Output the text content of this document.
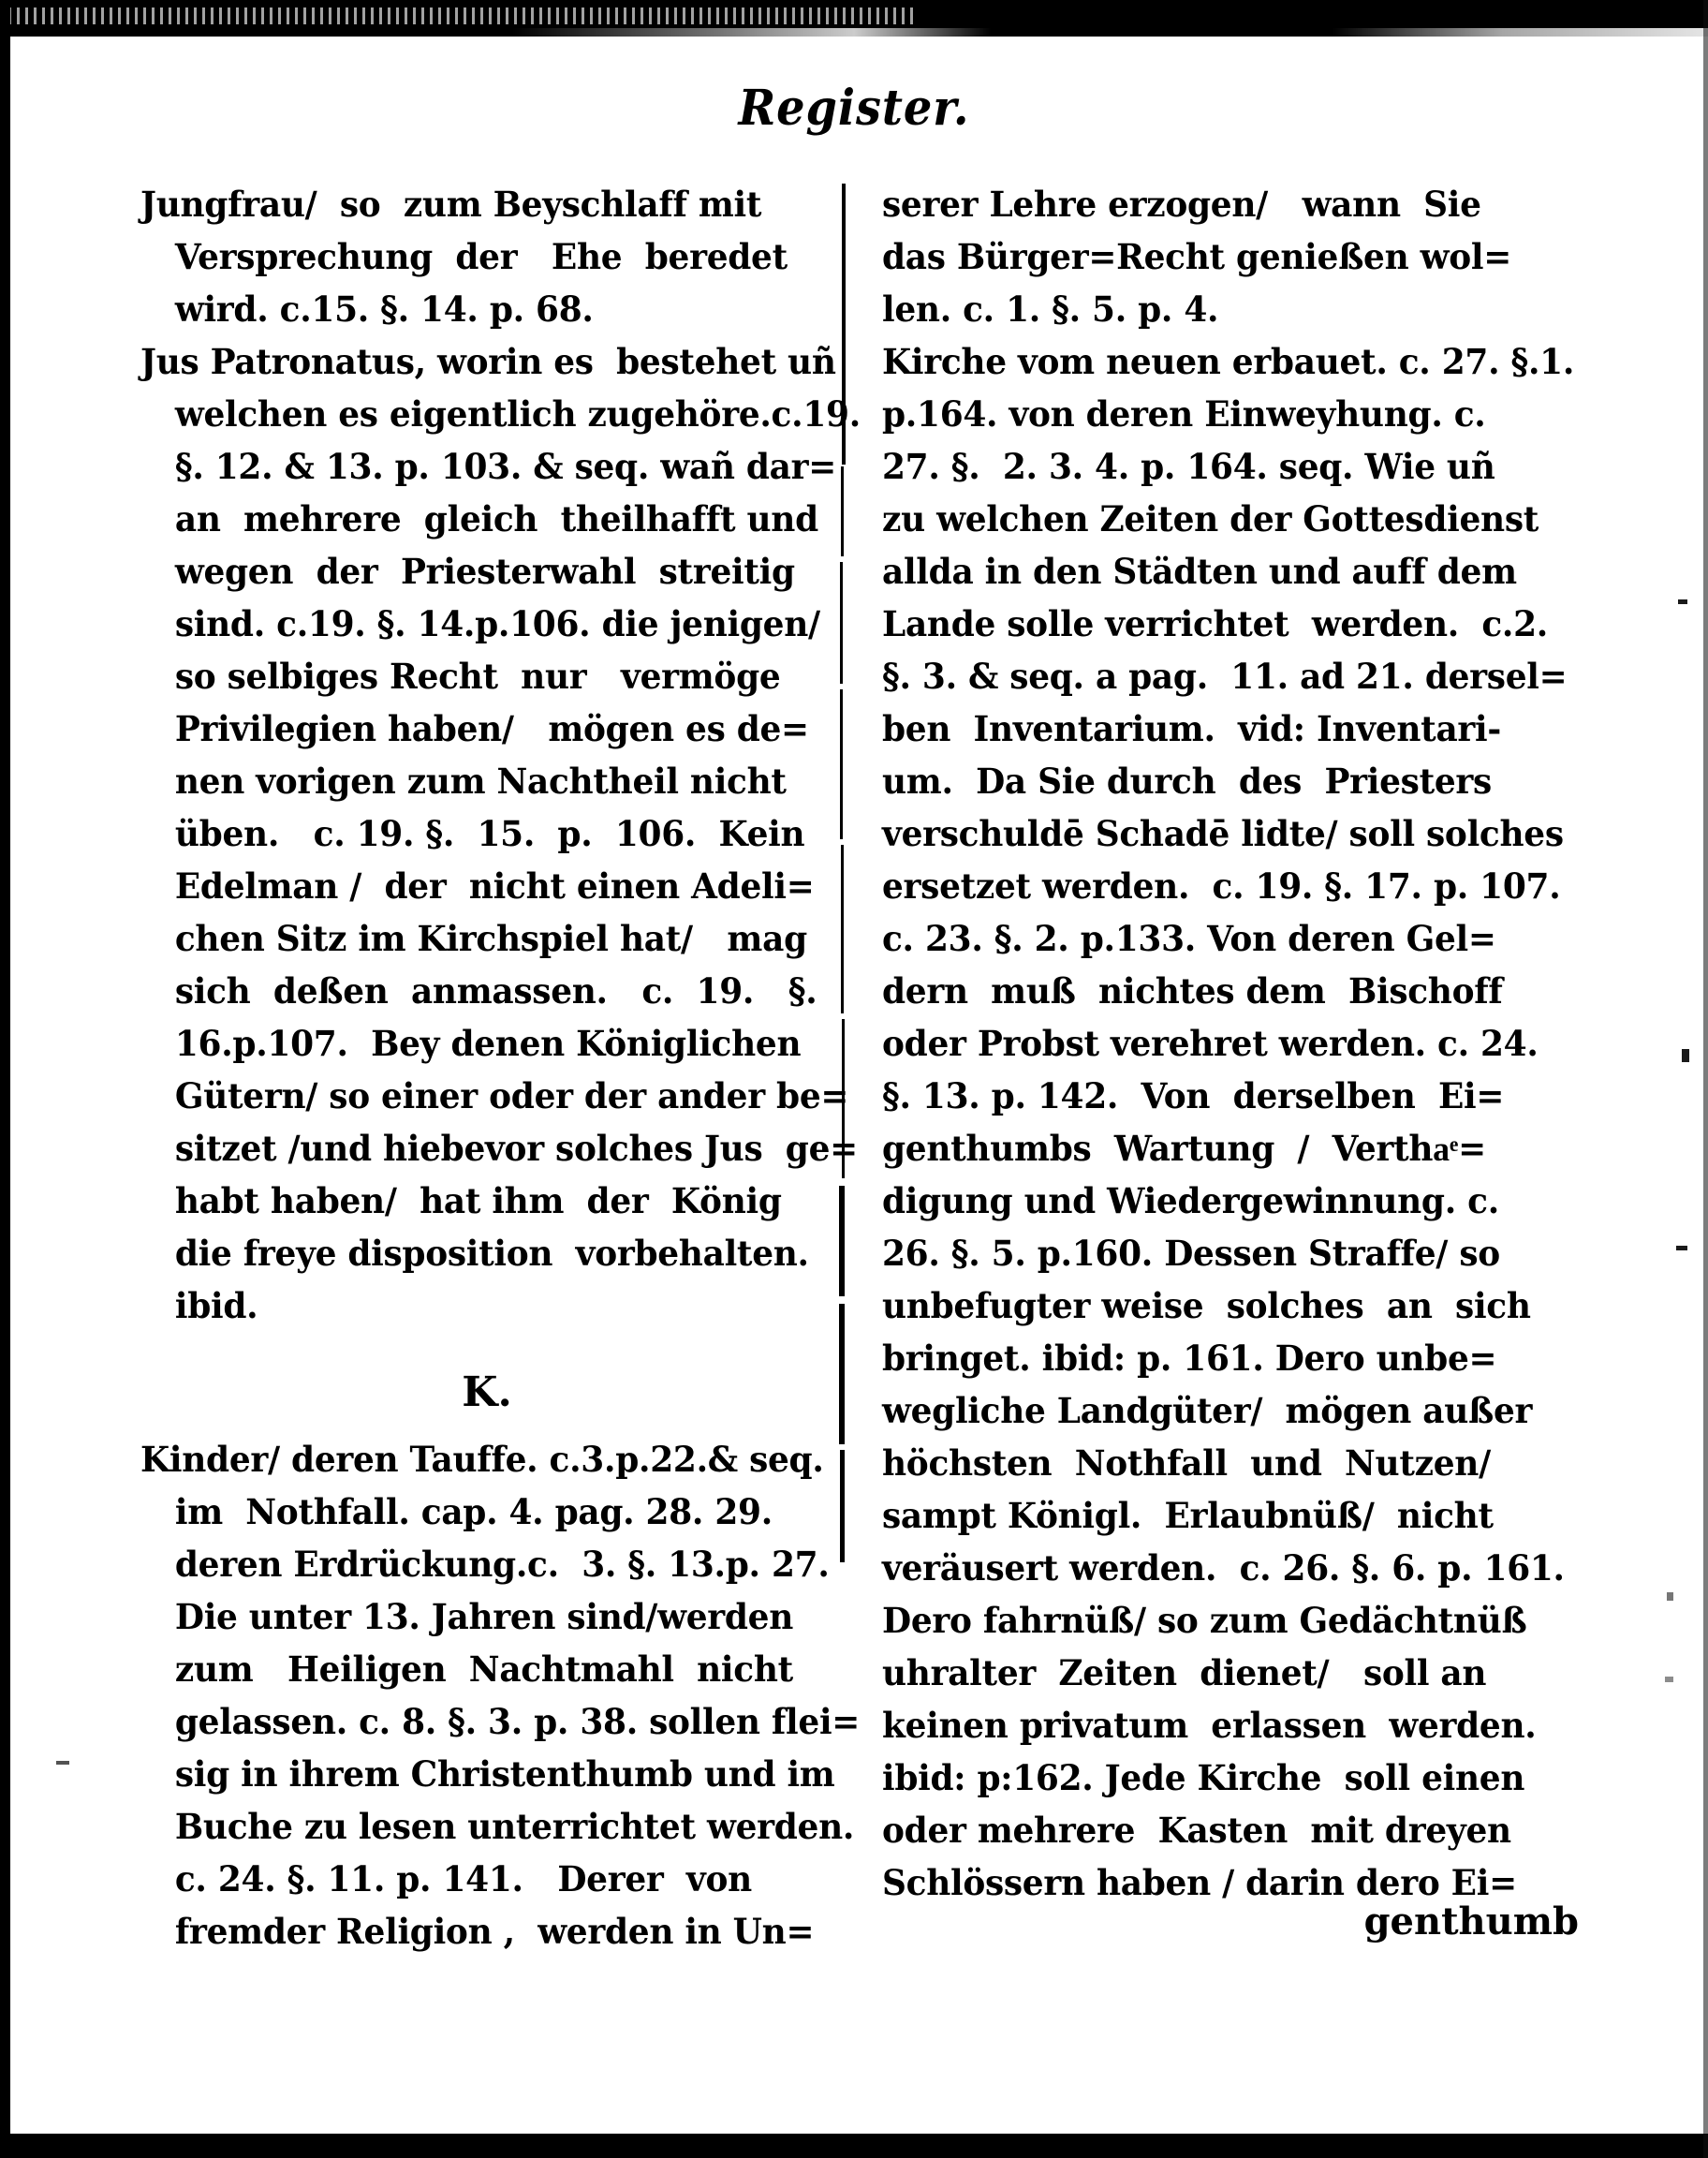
Register.
Jungfrau/  so  zum Beyschlaff mit
Versprechung  der   Ehe  beredet
wird. c.15. §. 14. p. 68.
Jus Patronatus, worin es  bestehet uñ
welchen es eigentlich zugehöre.c.19.
§. 12. & 13. p. 103. & seq. wañ dar=
an  mehrere  gleich  theilhafft und
wegen  der  Priesterwahl  streitig
sind. c.19. §. 14.p.106. die jenigen/
so selbiges Recht  nur   vermöge
Privilegien haben/   mögen es de=
nen vorigen zum Nachtheil nicht
üben.   c. 19. §.  15.  p.  106.  Kein
Edelman /  der  nicht einen Adeli=
chen Sitz im Kirchspiel hat/   mag
sich  deßen  anmassen.   c.  19.   §.
16.p.107.  Bey denen Königlichen
Gütern/ so einer oder der ander be=
sitzet /und hiebevor solches Jus  ge=
habt haben/  hat ihm  der  König
die freye disposition  vorbehalten.
ibid.
K.
Kinder/ deren Tauffe. c.3.p.22.& seq.
im  Nothfall. cap. 4. pag. 28. 29.
deren Erdrückung.c.  3. §. 13.p. 27.
Die unter 13. Jahren sind/werden
zum   Heiligen  Nachtmahl  nicht
gelassen. c. 8. §. 3. p. 38. sollen flei=
sig in ihrem Christenthumb und im
Buche zu lesen unterrichtet werden.
c. 24. §. 11. p. 141.   Derer  von
fremder Religion ,  werden in Un=
serer Lehre erzogen/   wann  Sie
das Bürger=Recht genießen wol=
len. c. 1. §. 5. p. 4.
Kirche vom neuen erbauet. c. 27. §.1.
p.164. von deren Einweyhung. c.
27. §.  2. 3. 4. p. 164. seq. Wie uñ
zu welchen Zeiten der Gottesdienst
allda in den Städten und auff dem
Lande solle verrichtet  werden.  c.2.
§. 3. & seq. a pag.  11. ad 21. dersel=
ben  Inventarium.  vid: Inventari-
um.  Da Sie durch  des  Priesters
verschuldē Schadē lidte/ soll solches
ersetzet werden.  c. 19. §. 17. p. 107.
c. 23. §. 2. p.133. Von deren Gel=
dern  muß  nichtes dem  Bischoff
oder Probst verehret werden. c. 24.
§. 13. p. 142.  Von  derselben  Ei=
genthumbs  Wartung  /  Verthaͤ=
digung und Wiedergewinnung. c.
26. §. 5. p.160. Dessen Straffe/ so
unbefugter weise  solches  an  sich
bringet. ibid: p. 161. Dero unbe=
wegliche Landgüter/  mögen außer
höchsten  Nothfall  und  Nutzen/
sampt Königl.  Erlaubnüß/  nicht
veräusert werden.  c. 26. §. 6. p. 161.
Dero fahrnüß/ so zum Gedächtnüß
uhralter  Zeiten  dienet/   soll an
keinen privatum  erlassen  werden.
ibid: p:162. Jede Kirche  soll einen
oder mehrere  Kasten  mit dreyen
Schlössern haben / darin dero Ei=
genthumb
